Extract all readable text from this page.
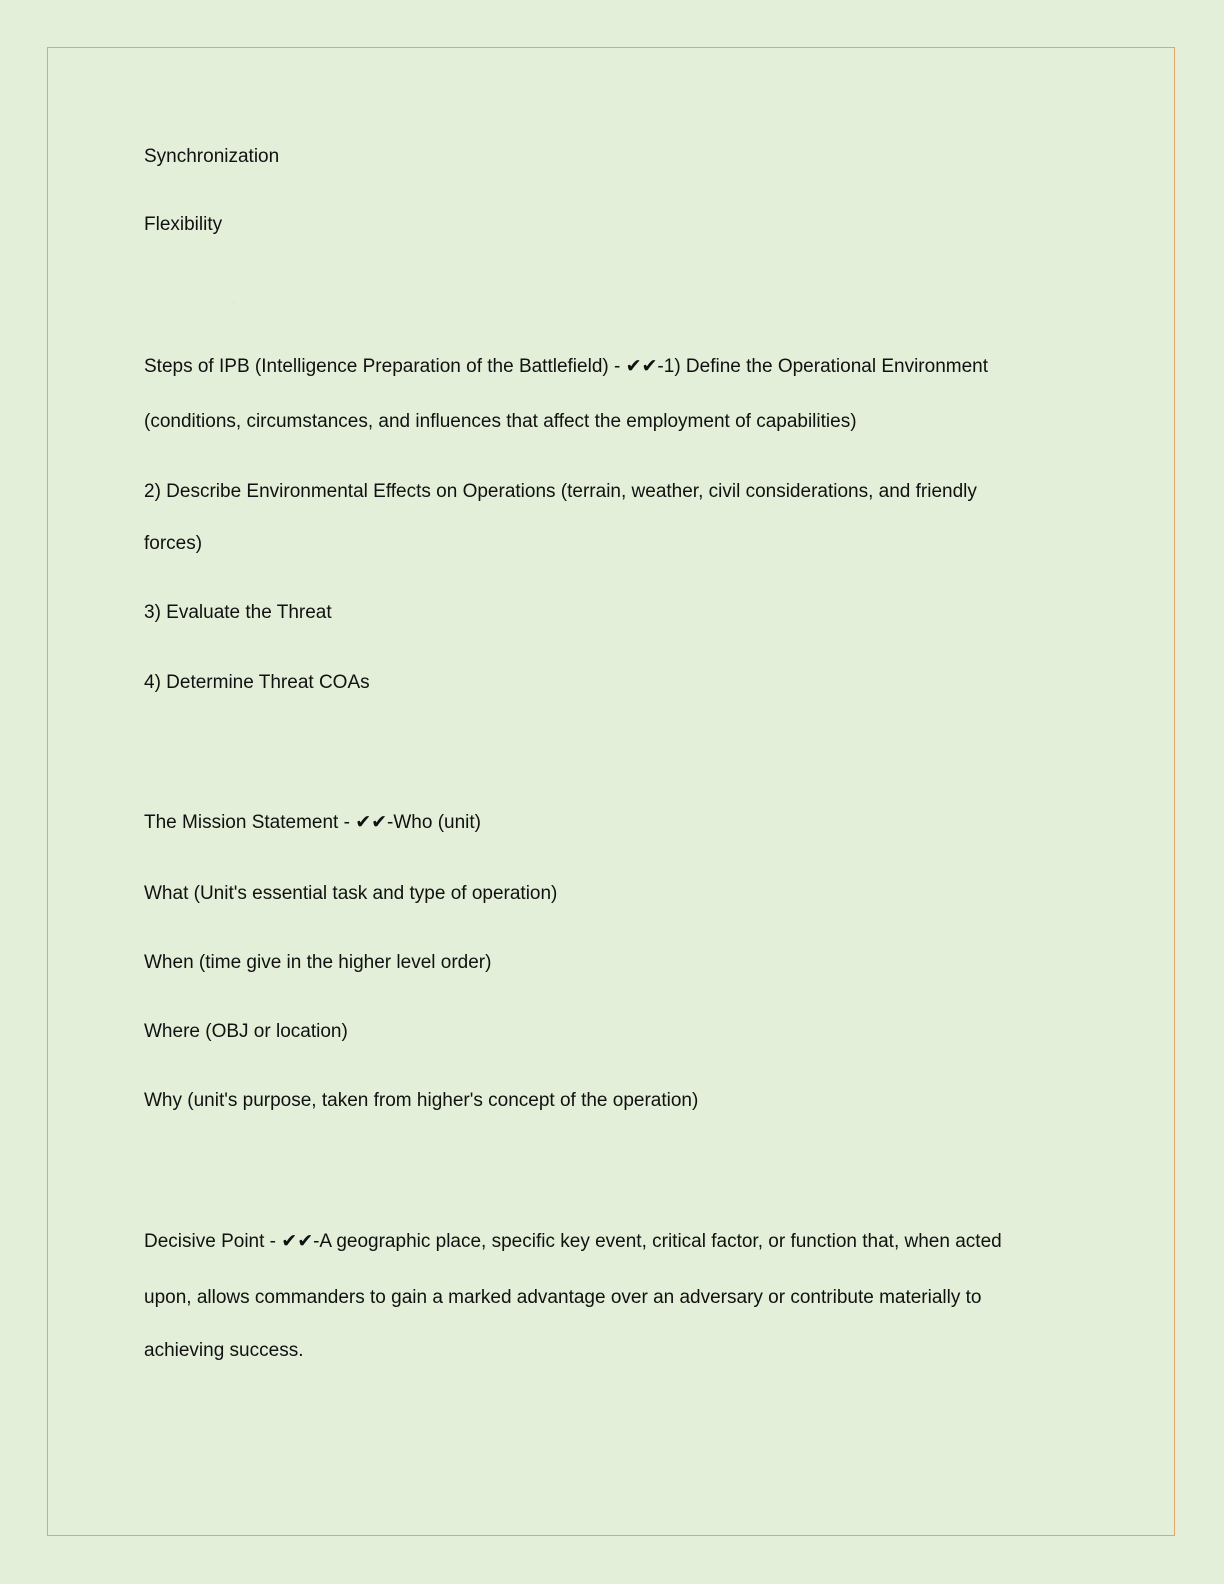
Synchronization
Flexibility
Steps of IPB (Intelligence Preparation of the Battlefield) - ✔✔-1) Define the Operational Environment
(conditions, circumstances, and influences that affect the employment of capabilities)
2) Describe Environmental Effects on Operations (terrain, weather, civil considerations, and friendly
forces)
3) Evaluate the Threat
4) Determine Threat COAs
The Mission Statement - ✔✔-Who (unit)
What (Unit's essential task and type of operation)
When (time give in the higher level order)
Where (OBJ or location)
Why (unit's purpose, taken from higher's concept of the operation)
Decisive Point - ✔✔-A geographic place, specific key event, critical factor, or function that, when acted
upon, allows commanders to gain a marked advantage over an adversary or contribute materially to
achieving success.
